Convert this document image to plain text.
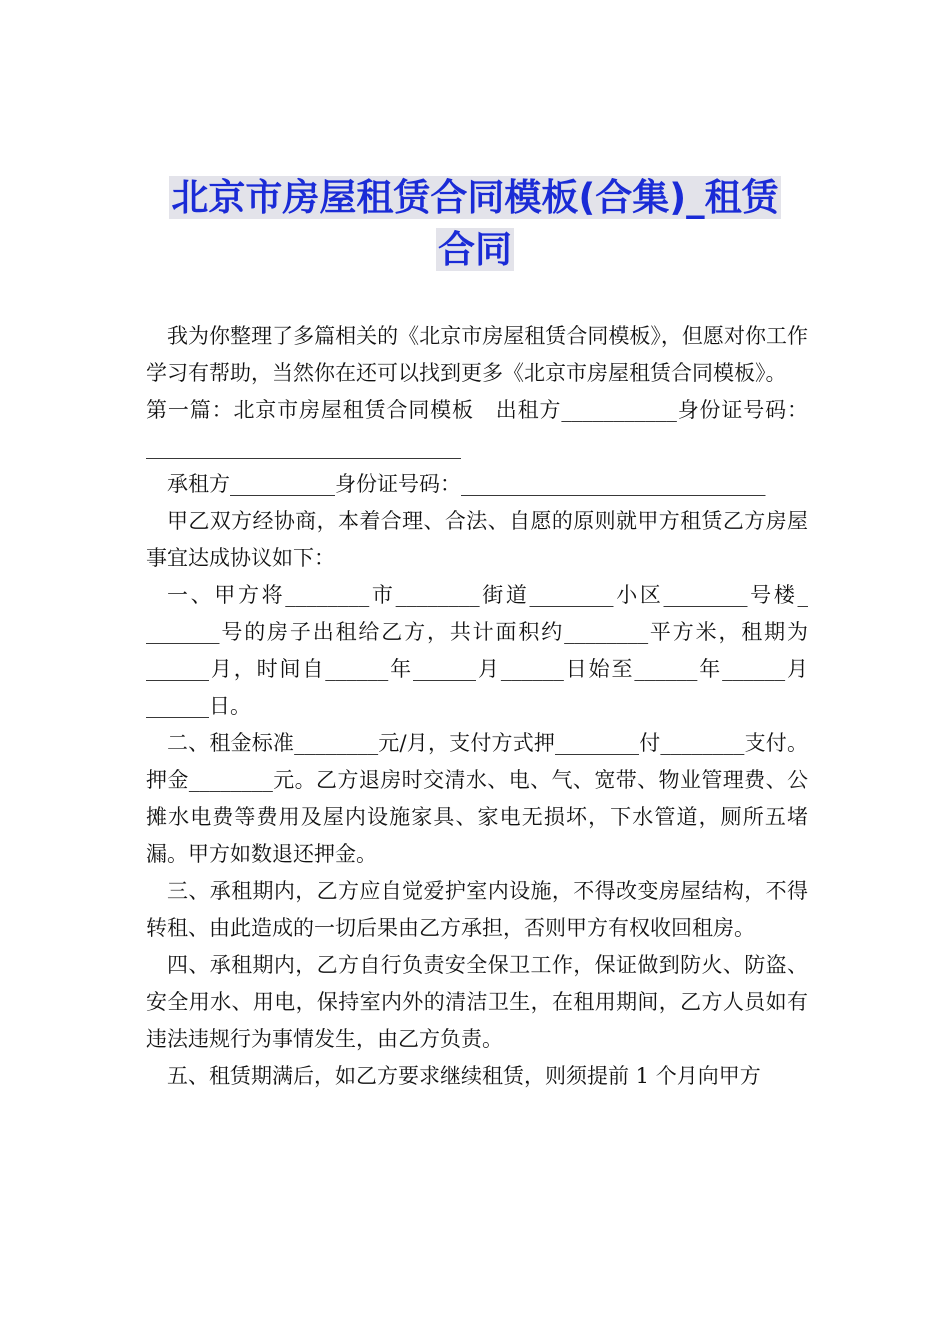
北京市房屋租赁合同模板(合集)_租赁
合同

我为你整理了多篇相关的《北京市房屋租赁合同模板》，但愿对你工作学习有帮助，当然你在还可以找到更多《北京市房屋租赁合同模板》。

第一篇：北京市房屋租赁合同模板　出租方___________身份证号码：______________________________

承租方__________身份证号码：_____________________________

甲乙双方经协商，本着合理、合法、自愿的原则就甲方租赁乙方房屋事宜达成协议如下：

一、甲方将________市________街道________小区________号楼_ _______号的房子出租给乙方，共计面积约________平方米，租期为______月，时间自______年______月______日始至______年______月______日。

二、租金标准________元/月，支付方式押________付________支付。押金________元。乙方退房时交清水、电、气、宽带、物业管理费、公摊水电费等费用及屋内设施家具、家电无损坏，下水管道，厕所五堵漏。甲方如数退还押金。

三、承租期内，乙方应自觉爱护室内设施，不得改变房屋结构，不得转租、由此造成的一切后果由乙方承担，否则甲方有权收回租房。

四、承租期内，乙方自行负责安全保卫工作，保证做到防火、防盗、安全用水、用电，保持室内外的清洁卫生，在租用期间，乙方人员如有违法违规行为事情发生，由乙方负责。

五、租赁期满后，如乙方要求继续租赁，则须提前 1 个月向甲方
